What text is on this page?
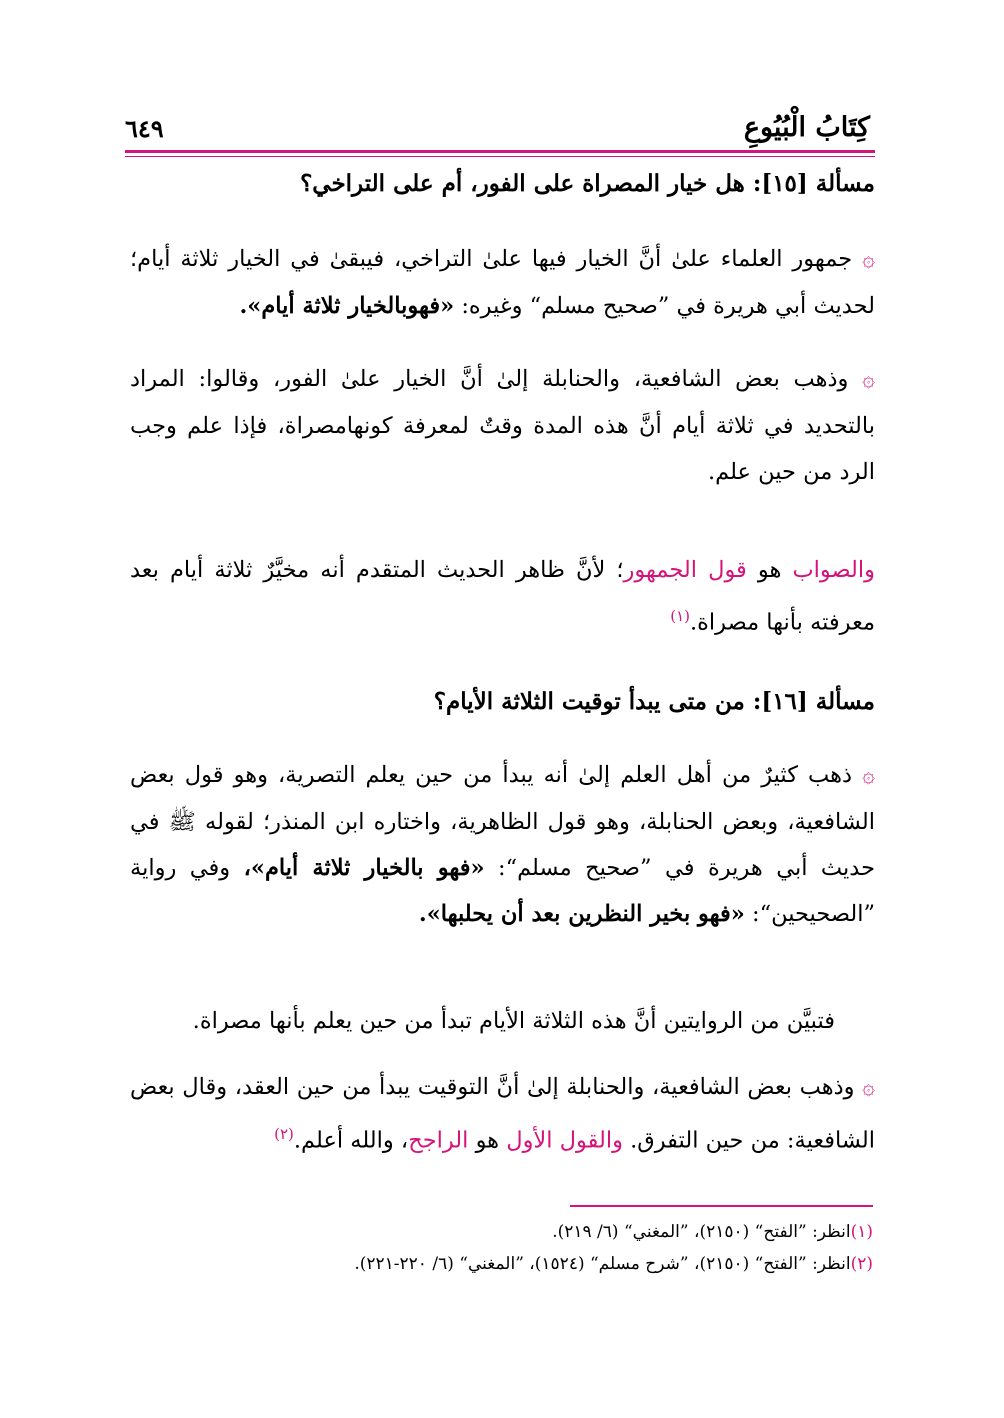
كِتَابُ الْبُيُوعِ
٦٤٩
مسألة [١٥]: هل خيار المصراة على الفور، أم على التراخي؟
۞ جمهور العلماء علىٰ أنَّ الخيار فيها علىٰ التراخي، فيبقىٰ في الخيار ثلاثة أيام؛ لحديث أبي هريرة في ”صحيح مسلم“ وغيره: «فهوبالخيار ثلاثة أيام».
۞ وذهب بعض الشافعية، والحنابلة إلىٰ أنَّ الخيار علىٰ الفور، وقالوا: المراد بالتحديد في ثلاثة أيام أنَّ هذه المدة وقتٌ لمعرفة كونهامصراة، فإذا علم وجب الرد من حين علم.
والصواب هو قول الجمهور؛ لأنَّ ظاهر الحديث المتقدم أنه مخيَّرٌ ثلاثة أيام بعد معرفته بأنها مصراة.$^{(١)}$
مسألة [١٦]: من متى يبدأ توقيت الثلاثة الأيام؟
۞ ذهب كثيرٌ من أهل العلم إلىٰ أنه يبدأ من حين يعلم التصرية، وهو قول بعض الشافعية، وبعض الحنابلة، وهو قول الظاهرية، واختاره ابن المنذر؛ لقوله ﷺ في حديث أبي هريرة في ”صحيح مسلم“: «فهو بالخيار ثلاثة أيام»، وفي رواية ”الصحيحين“: «فهو بخير النظرين بعد أن يحلبها».
فتبيَّن من الروايتين أنَّ هذه الثلاثة الأيام تبدأ من حين يعلم بأنها مصراة.
۞ وذهب بعض الشافعية، والحنابلة إلىٰ أنَّ التوقيت يبدأ من حين العقد، وقال بعض الشافعية: من حين التفرق. والقول الأول هو الراجح، والله أعلم.$^{(٢)}$
(١)انظر: ”الفتح“ (٢١٥٠)، ”المغني“ (٦/ ٢١٩).
(٢)انظر: ”الفتح“ (٢١٥٠)، ”شرح مسلم“ (١٥٢٤)، ”المغني“ (٦/ ٢٢٠-٢٢١).
